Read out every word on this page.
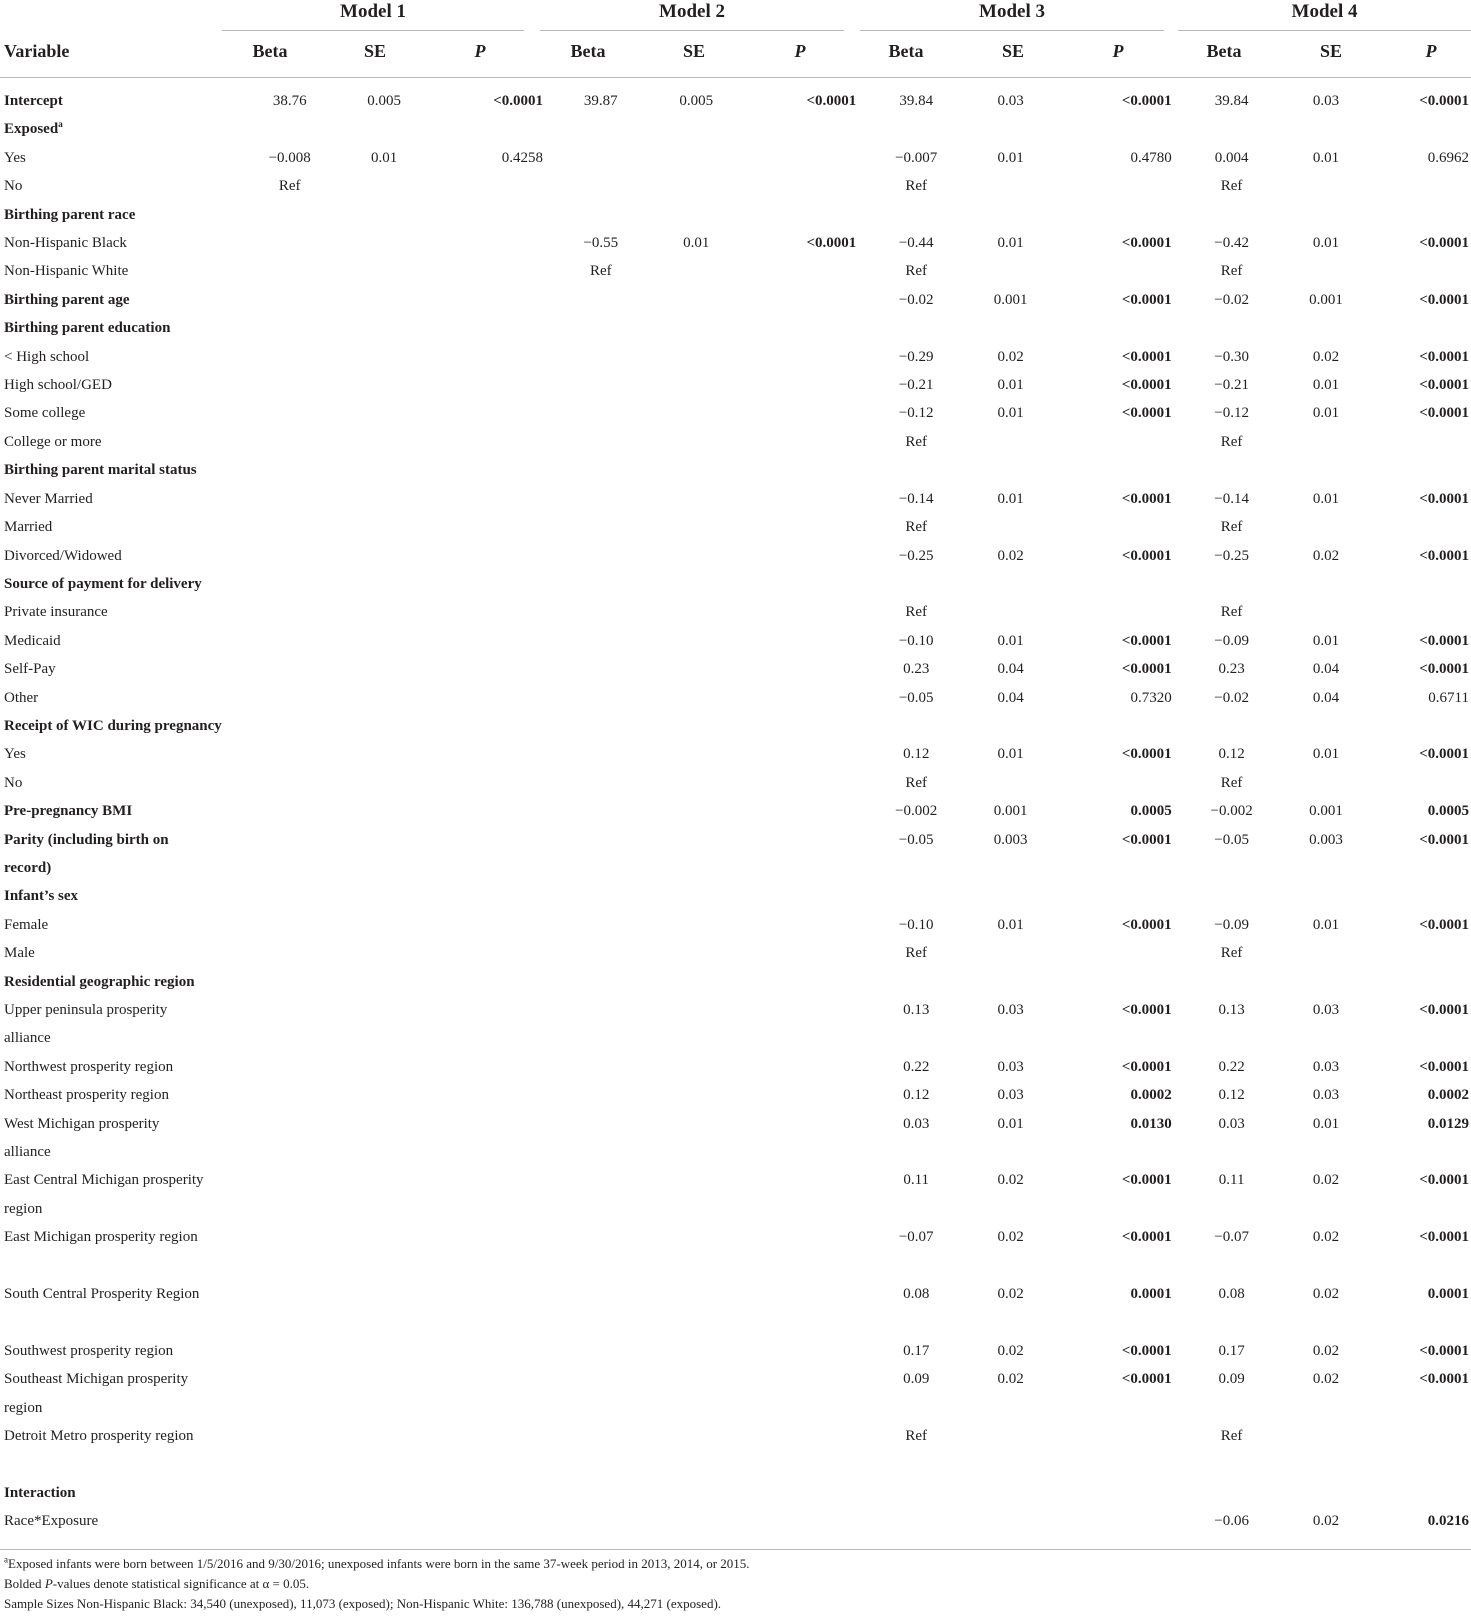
Model 1	Model 2	Model 3	Model 4
Variable	Beta	SE	P	Beta	SE	P	Beta	SE	P	Beta	SE	P
Intercept	38.76	0.005	<0.0001		39.87	0.005	<0.0001		39.84	0.03	<0.0001		39.84	0.03	<0.0001
Exposed$^a$															
Yes	−0.008	0.01	0.4258						−0.007	0.01	0.4780		0.004	0.01	0.6962
No	Ref								Ref				Ref		
Birthing parent race															
Non-Hispanic Black					−0.55	0.01	<0.0001		−0.44	0.01	<0.0001		−0.42	0.01	<0.0001
Non-Hispanic White					Ref				Ref				Ref		
Birthing parent age									−0.02	0.001	<0.0001		−0.02	0.001	<0.0001
Birthing parent education															
< High school									−0.29	0.02	<0.0001		−0.30	0.02	<0.0001
High school/GED									−0.21	0.01	<0.0001		−0.21	0.01	<0.0001
Some college									−0.12	0.01	<0.0001		−0.12	0.01	<0.0001
College or more									Ref				Ref		
Birthing parent marital status															
Never Married									−0.14	0.01	<0.0001		−0.14	0.01	<0.0001
Married									Ref				Ref		
Divorced/Widowed									−0.25	0.02	<0.0001		−0.25	0.02	<0.0001
Source of payment for delivery															
Private insurance									Ref				Ref		
Medicaid									−0.10	0.01	<0.0001		−0.09	0.01	<0.0001
Self-Pay									0.23	0.04	<0.0001		0.23	0.04	<0.0001
Other									−0.05	0.04	0.7320		−0.02	0.04	0.6711
Receipt of WIC during pregnancy															
Yes									0.12	0.01	<0.0001		0.12	0.01	<0.0001
No									Ref				Ref		
Pre-pregnancy BMI									−0.002	0.001	0.0005		−0.002	0.001	0.0005
Parity (including birth on record)									−0.05	0.003	<0.0001		−0.05	0.003	<0.0001
Infant’s sex															
Female									−0.10	0.01	<0.0001		−0.09	0.01	<0.0001
Male									Ref				Ref		
Residential geographic region															
Upper peninsula prosperity alliance									0.13	0.03	<0.0001		0.13	0.03	<0.0001
Northwest prosperity region									0.22	0.03	<0.0001		0.22	0.03	<0.0001
Northeast prosperity region									0.12	0.03	0.0002		0.12	0.03	0.0002
West Michigan prosperity alliance									0.03	0.01	0.0130		0.03	0.01	0.0129
East Central Michigan prosperity region									0.11	0.02	<0.0001		0.11	0.02	<0.0001
East Michigan prosperity region									−0.07	0.02	<0.0001		−0.07	0.02	<0.0001
South Central Prosperity Region									0.08	0.02	0.0001		0.08	0.02	0.0001
Southwest prosperity region									0.17	0.02	<0.0001		0.17	0.02	<0.0001
Southeast Michigan prosperity region									0.09	0.02	<0.0001		0.09	0.02	<0.0001
Detroit Metro prosperity region									Ref				Ref		
Interaction															
Race*Exposure													−0.06	0.02	0.0216
$^a$Exposed infants were born between 1/5/2016 and 9/30/2016; unexposed infants were born in the same 37-week period in 2013, 2014, or 2015.
Bolded P-values denote statistical significance at α = 0.05.
Sample Sizes Non-Hispanic Black: 34,540 (unexposed), 11,073 (exposed); Non-Hispanic White: 136,788 (unexposed), 44,271 (exposed).
